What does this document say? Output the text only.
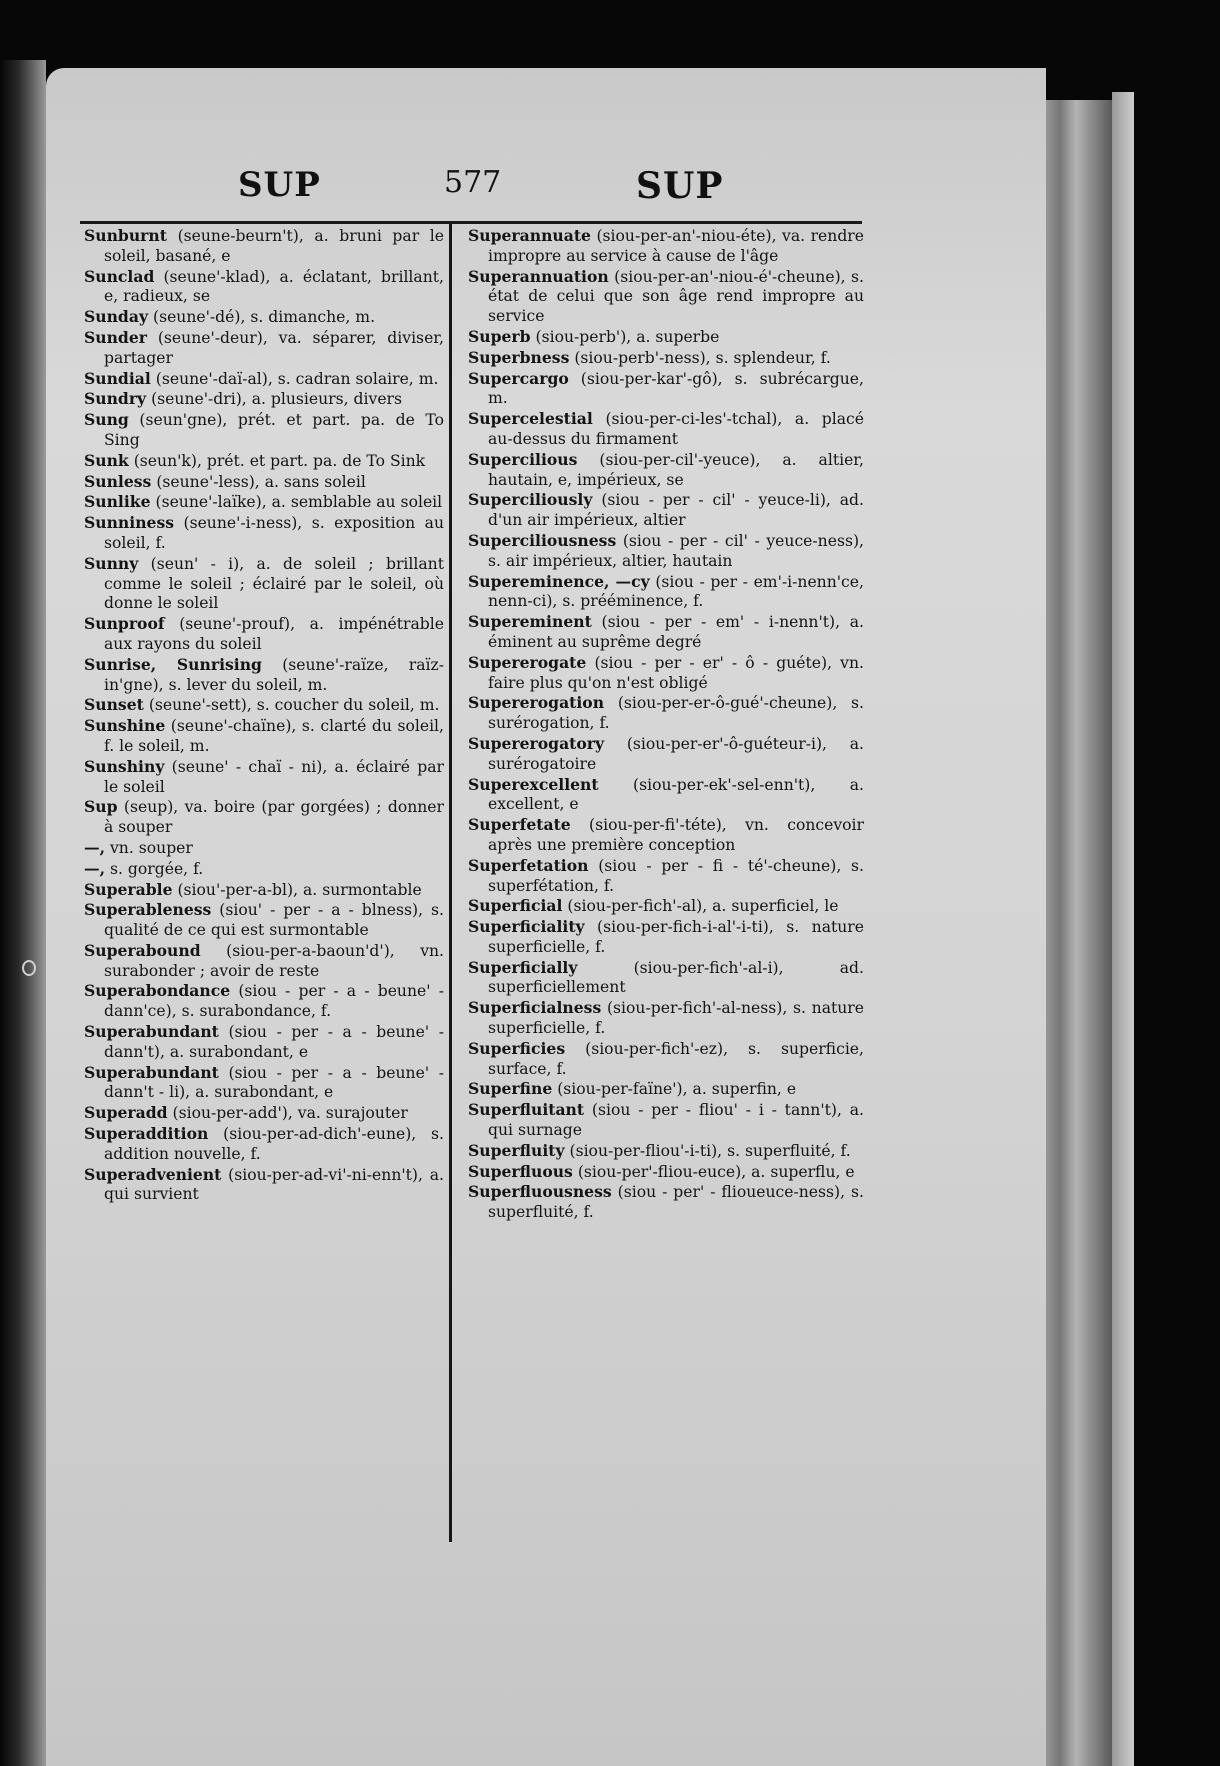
SUP	577	SUP
Sunburnt (seune-beurn't), a. bruni par le soleil, basané, e
Sunclad (seune'-klad), a. éclatant, brillant, e, radieux, se
Sunday (seune'-dé), s. dimanche, m.
Sunder (seune'-deur), va. séparer, diviser, partager
Sundial (seune'-daï-al), s. cadran solaire, m.
Sundry (seune'-dri), a. plusieurs, divers
Sung (seun'gne), prét. et part. pa. de To Sing
Sunk (seun'k), prét. et part. pa. de To Sink
Sunless (seune'-less), a. sans soleil
Sunlike (seune'-laïke), a. semblable au soleil
Sunniness (seune'-i-ness), s. exposition au soleil, f.
Sunny (seun' - i), a. de soleil ; brillant comme le soleil ; éclairé par le soleil, où donne le soleil
Sunproof (seune'-prouf), a. impénétrable aux rayons du soleil
Sunrise, Sunrising (seune'-raïze, raïz-in'gne), s. lever du soleil, m.
Sunset (seune'-sett), s. coucher du soleil, m.
Sunshine (seune'-chaïne), s. clarté du soleil, f. le soleil, m.
Sunshiny (seune' - chaï - ni), a. éclairé par le soleil
Sup (seup), va. boire (par gorgées) ; donner à souper
—, vn. souper
—, s. gorgée, f.
Superable (siou'-per-a-bl), a. surmontable
Superableness (siou' - per - a - blness), s. qualité de ce qui est surmontable
Superabound (siou-per-a-baoun'd'), vn. surabonder ; avoir de reste
Superabondance (siou - per - a - beune' - dann'ce), s. surabondance, f.
Superabundant (siou - per - a - beune' - dann't), a. surabondant, e
Superabundant (siou - per - a - beune' - dann't - li), a. surabondant, e
Superadd (siou-per-add'), va. surajouter
Superaddition (siou-per-ad-dich'-eune), s. addition nouvelle, f.
Superadvenient (siou-per-ad-vi'-ni-enn't), a. qui survient
Superannuate (siou-per-an'-niou-éte), va. rendre impropre au service à cause de l'âge
Superannuation (siou-per-an'-niou-é'-cheune), s. état de celui que son âge rend impropre au service
Superb (siou-perb'), a. superbe
Superbness (siou-perb'-ness), s. splendeur, f.
Supercargo (siou-per-kar'-gô), s. subrécargue, m.
Supercelestial (siou-per-ci-les'-tchal), a. placé au-dessus du firmament
Supercilious (siou-per-cil'-yeuce), a. altier, hautain, e, impérieux, se
Superciliously (siou - per - cil' - yeuce-li), ad. d'un air impérieux, altier
Superciliousness (siou - per - cil' - yeuce-ness), s. air impérieux, altier, hautain
Supereminence, —cy (siou - per - em'-i-nenn'ce, nenn-ci), s. prééminence, f.
Supereminent (siou - per - em' - i-nenn't), a. éminent au suprême degré
Supererogate (siou - per - er' - ô - guéte), vn. faire plus qu'on n'est obligé
Supererogation (siou-per-er-ô-gué'-cheune), s. surérogation, f.
Supererogatory (siou-per-er'-ô-guéteur-i), a. surérogatoire
Superexcellent (siou-per-ek'-sel-enn't), a. excellent, e
Superfetate (siou-per-fi'-téte), vn. concevoir après une première conception
Superfetation (siou - per - fi - té'-cheune), s. superfétation, f.
Superficial (siou-per-fich'-al), a. superficiel, le
Superficiality (siou-per-fich-i-al'-i-ti), s. nature superficielle, f.
Superficially	(siou-per-fich'-al-i), ad. superficiellement
Superficialness (siou-per-fich'-al-ness), s. nature superficielle, f.
Superficies (siou-per-fich'-ez), s. superficie, surface, f.
Superfine (siou-per-faïne'), a. superfin, e
Superfluitant (siou - per - fliou' - i - tann't), a. qui surnage
Superfluity (siou-per-fliou'-i-ti), s. superfluité, f.
Superfluous (siou-per'-fliou-euce), a. superflu, e
Superfluousness (siou - per' - flioueuce-ness), s. superfluité, f.
